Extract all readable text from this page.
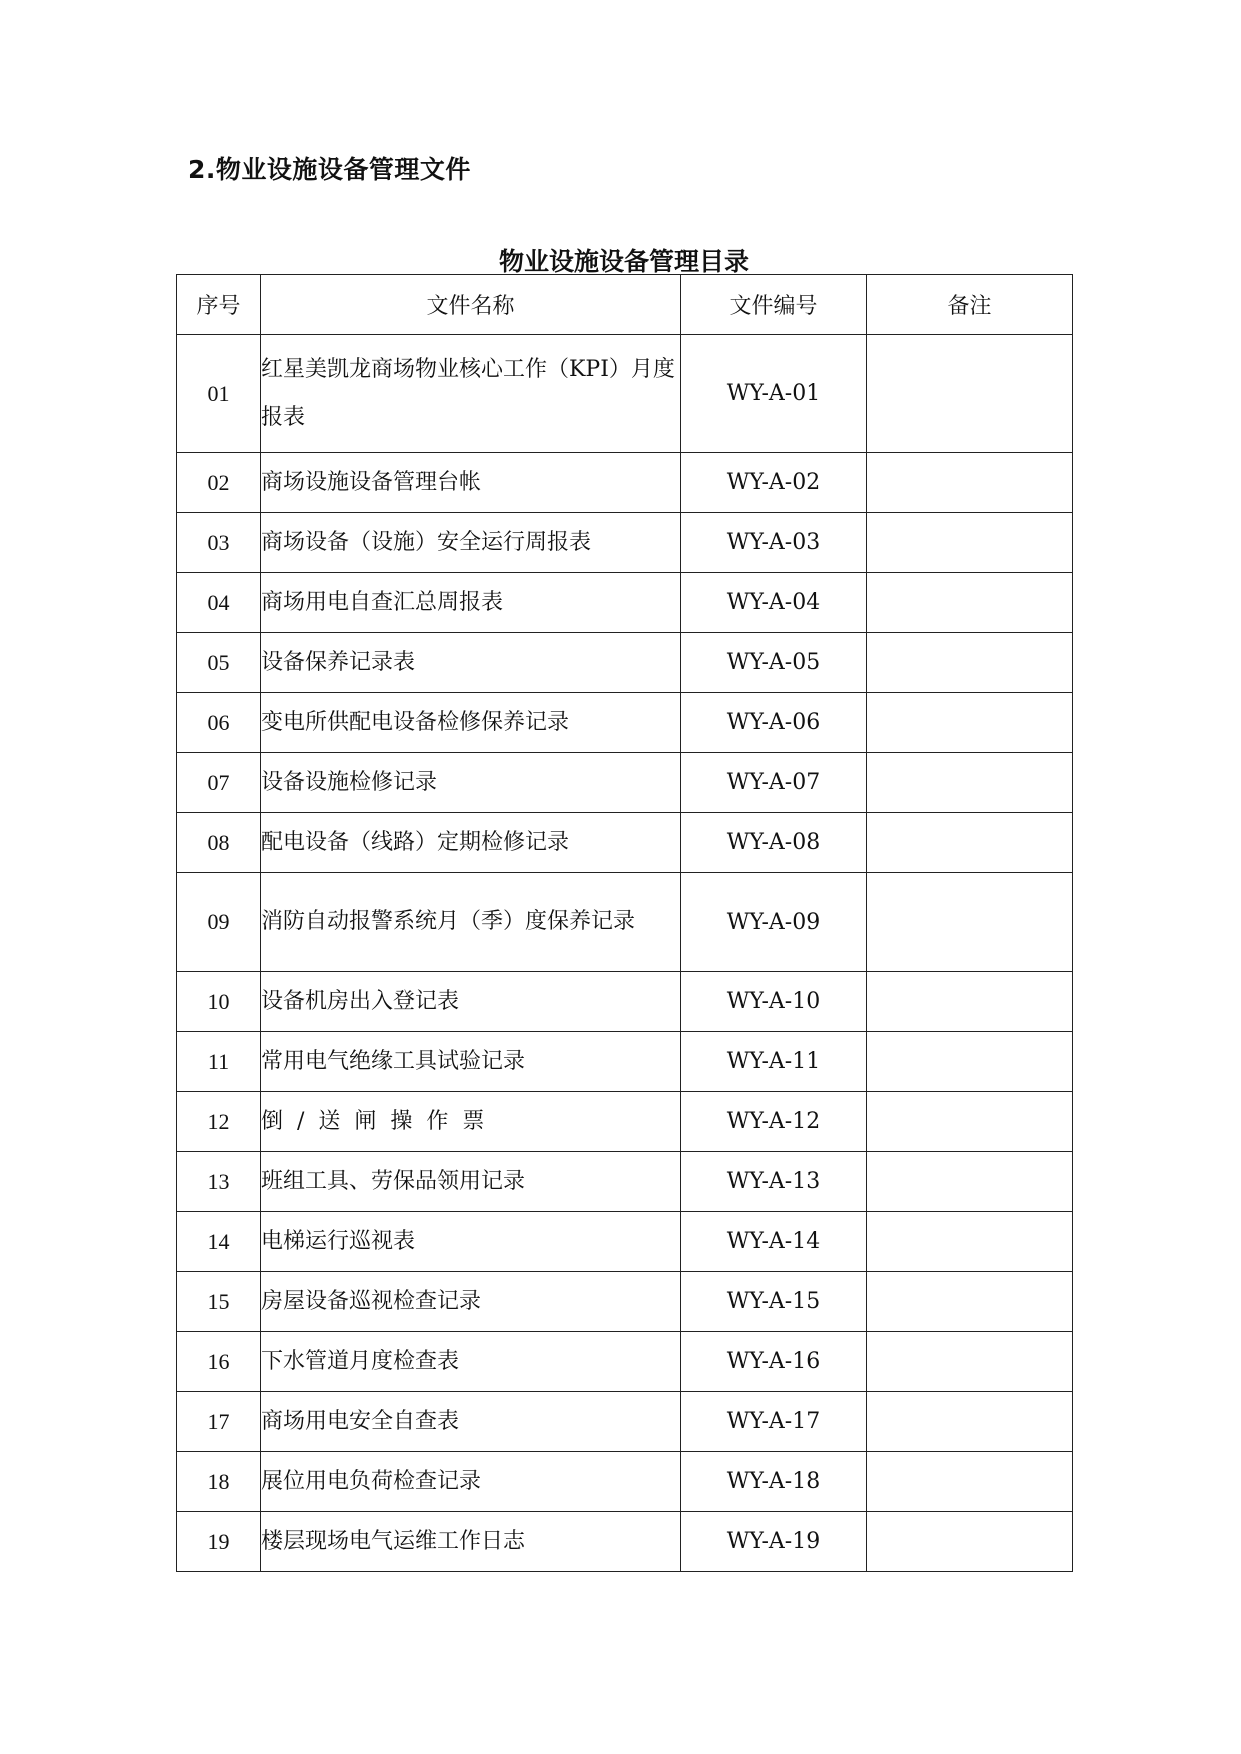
2.物业设施设备管理文件
物业设施设备管理目录
序号	文件名称	文件编号	备注
01	红星美凯龙商场物业核心工作（KPI）月度报表	WY-A-01	
02	商场设施设备管理台帐	WY-A-02	
03	商场设备（设施）安全运行周报表	WY-A-03	
04	商场用电自查汇总周报表	WY-A-04	
05	设备保养记录表	WY-A-05	
06	变电所供配电设备检修保养记录	WY-A-06	
07	设备设施检修记录	WY-A-07	
08	配电设备（线路）定期检修记录	WY-A-08	
09	消防自动报警系统月（季）度保养记录	WY-A-09	
10	设备机房出入登记表	WY-A-10	
11	常用电气绝缘工具试验记录	WY-A-11	
12	倒/送闸操作票	WY-A-12	
13	班组工具、劳保品领用记录	WY-A-13	
14	电梯运行巡视表	WY-A-14	
15	房屋设备巡视检查记录	WY-A-15	
16	下水管道月度检查表	WY-A-16	
17	商场用电安全自查表	WY-A-17	
18	展位用电负荷检查记录	WY-A-18	
19	楼层现场电气运维工作日志	WY-A-19	
